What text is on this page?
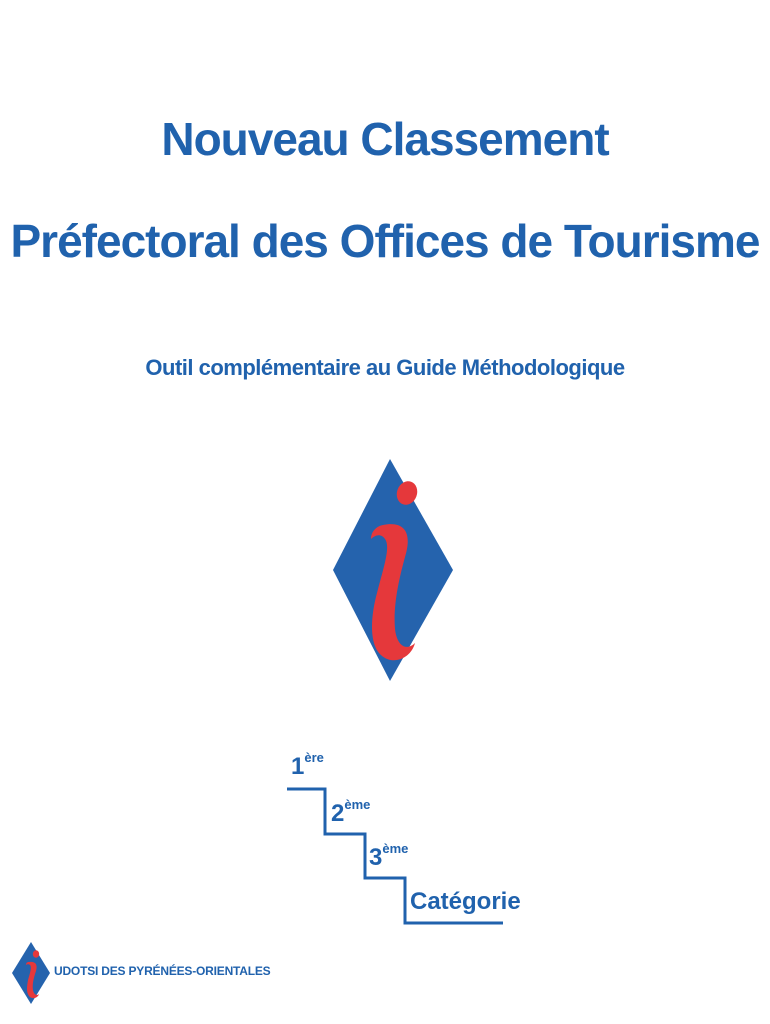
Nouveau Classement
Préfectoral des Offices de Tourisme
Outil complémentaire au Guide Méthodologique
1ère
2ème
3ème
Catégorie
UDOTSI DES PYRÉNÉES-ORIENTALES
